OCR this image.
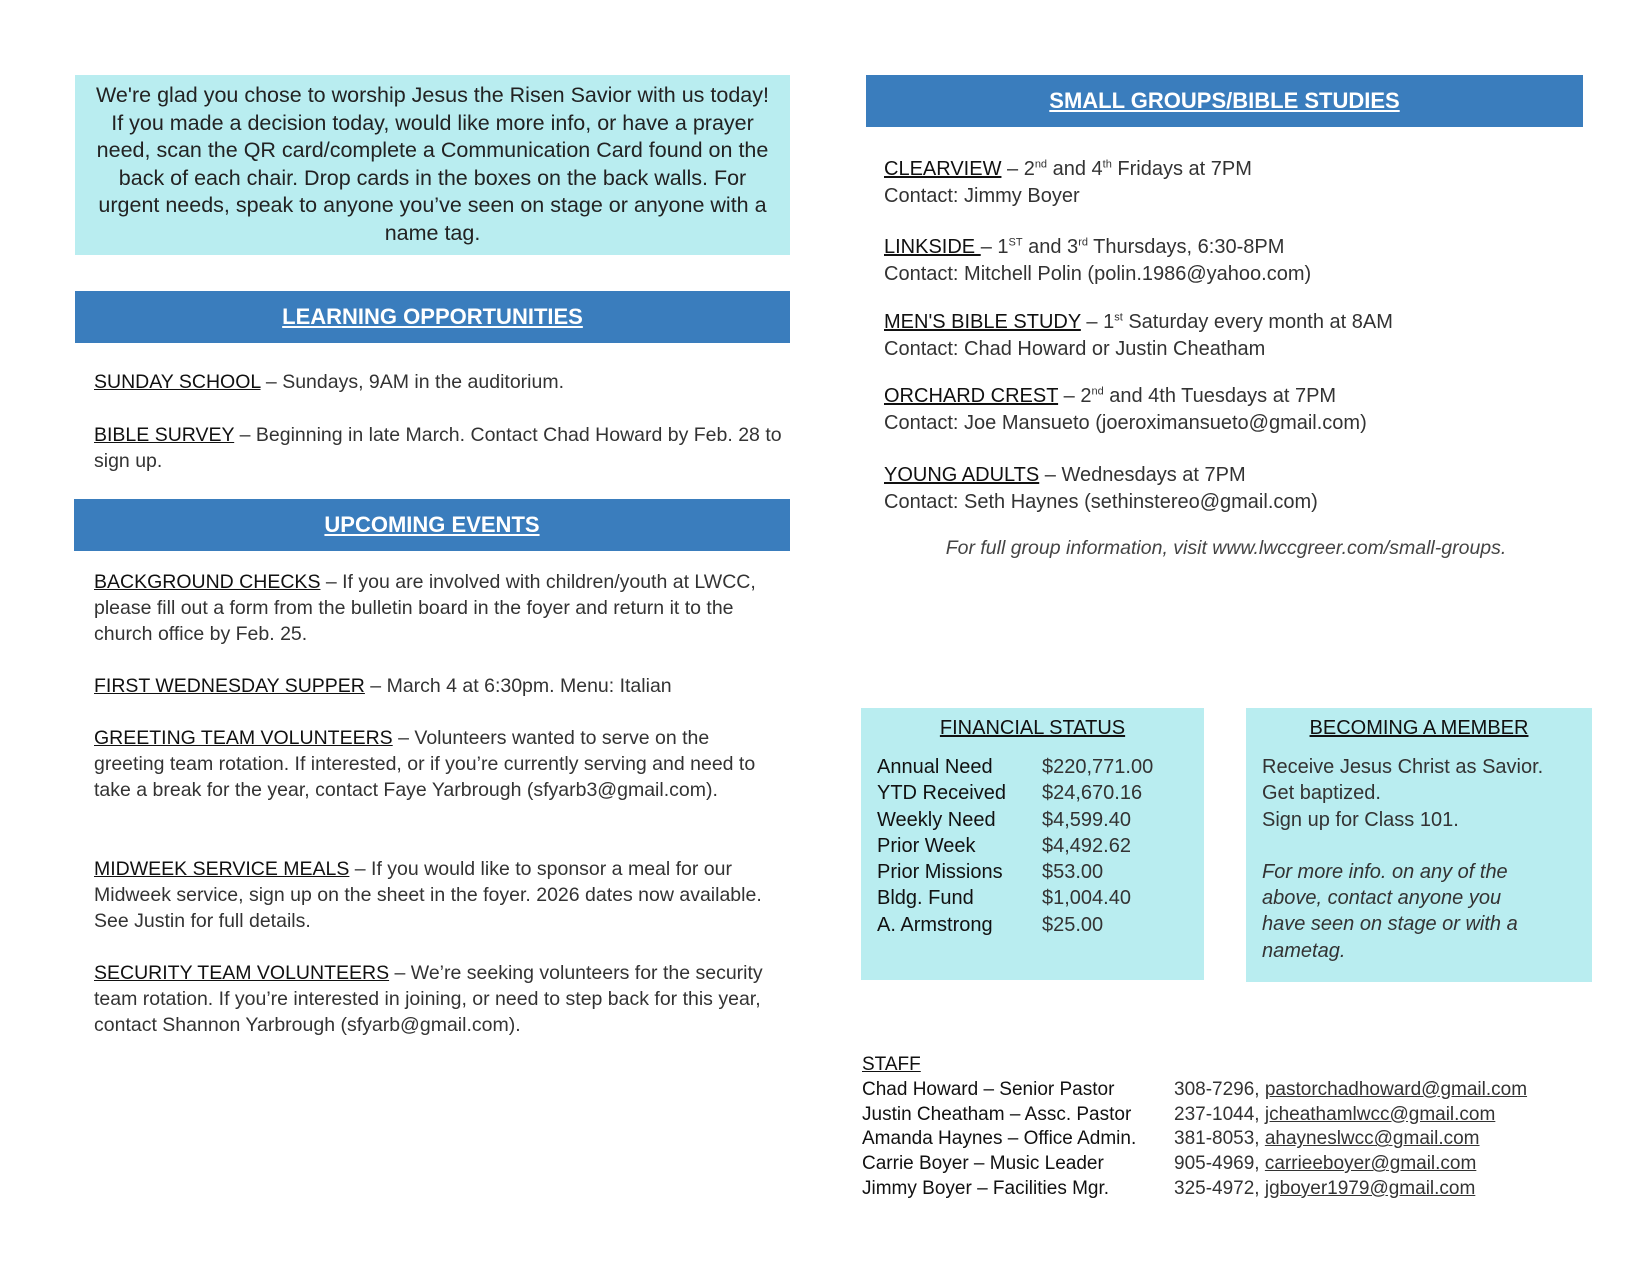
We're glad you chose to worship Jesus the Risen Savior with us today! If you made a decision today, would like more info, or have a prayer need, scan the QR card/complete a Communication Card found on the back of each chair. Drop cards in the boxes on the back walls. For urgent needs, speak to anyone you’ve seen on stage or anyone with a name tag.
LEARNING OPPORTUNITIES
SUNDAY SCHOOL – Sundays, 9AM in the auditorium.
BIBLE SURVEY – Beginning in late March. Contact Chad Howard by Feb. 28 to sign up.
UPCOMING EVENTS
BACKGROUND CHECKS – If you are involved with children/youth at LWCC, please fill out a form from the bulletin board in the foyer and return it to the church office by Feb. 25.
FIRST WEDNESDAY SUPPER – March 4 at 6:30pm. Menu: Italian
GREETING TEAM VOLUNTEERS – Volunteers wanted to serve on the greeting team rotation. If interested, or if you’re currently serving and need to take a break for the year, contact Faye Yarbrough (sfyarb3@gmail.com).
MIDWEEK SERVICE MEALS – If you would like to sponsor a meal for our Midweek service, sign up on the sheet in the foyer. 2026 dates now available. See Justin for full details.
SECURITY TEAM VOLUNTEERS – We’re seeking volunteers for the security team rotation. If you’re interested in joining, or need to step back for this year, contact Shannon Yarbrough (sfyarb@gmail.com).
SMALL GROUPS/BIBLE STUDIES
CLEARVIEW – 2nd and 4th Fridays at 7PM
Contact: Jimmy Boyer
LINKSIDE – 1ST and 3rd Thursdays, 6:30-8PM
Contact: Mitchell Polin (polin.1986@yahoo.com)
MEN'S BIBLE STUDY – 1st Saturday every month at 8AM
Contact: Chad Howard or Justin Cheatham
ORCHARD CREST – 2nd and 4th Tuesdays at 7PM
Contact: Joe Mansueto (joeroximansueto@gmail.com)
YOUNG ADULTS – Wednesdays at 7PM
Contact: Seth Haynes (sethinstereo@gmail.com)
For full group information, visit www.lwccgreer.com/small-groups.
FINANCIAL STATUS
Annual Need	$220,771.00
YTD Received	$24,670.16
Weekly Need	$4,599.40
Prior Week	$4,492.62
Prior Missions	$53.00
Bldg. Fund	$1,004.40
A. Armstrong	$25.00
BECOMING A MEMBER
Receive Jesus Christ as Savior.
Get baptized.
Sign up for Class 101.
For more info. on any of the above, contact anyone you have seen on stage or with a nametag.
STAFF
Chad Howard – Senior Pastor	308-7296, pastorchadhoward@gmail.com
Justin Cheatham – Assc. Pastor	237-1044, jcheathamlwcc@gmail.com
Amanda Haynes – Office Admin.	381-8053, ahayneslwcc@gmail.com
Carrie Boyer – Music Leader	905-4969, carrieeboyer@gmail.com
Jimmy Boyer – Facilities Mgr.	325-4972, jgboyer1979@gmail.com
